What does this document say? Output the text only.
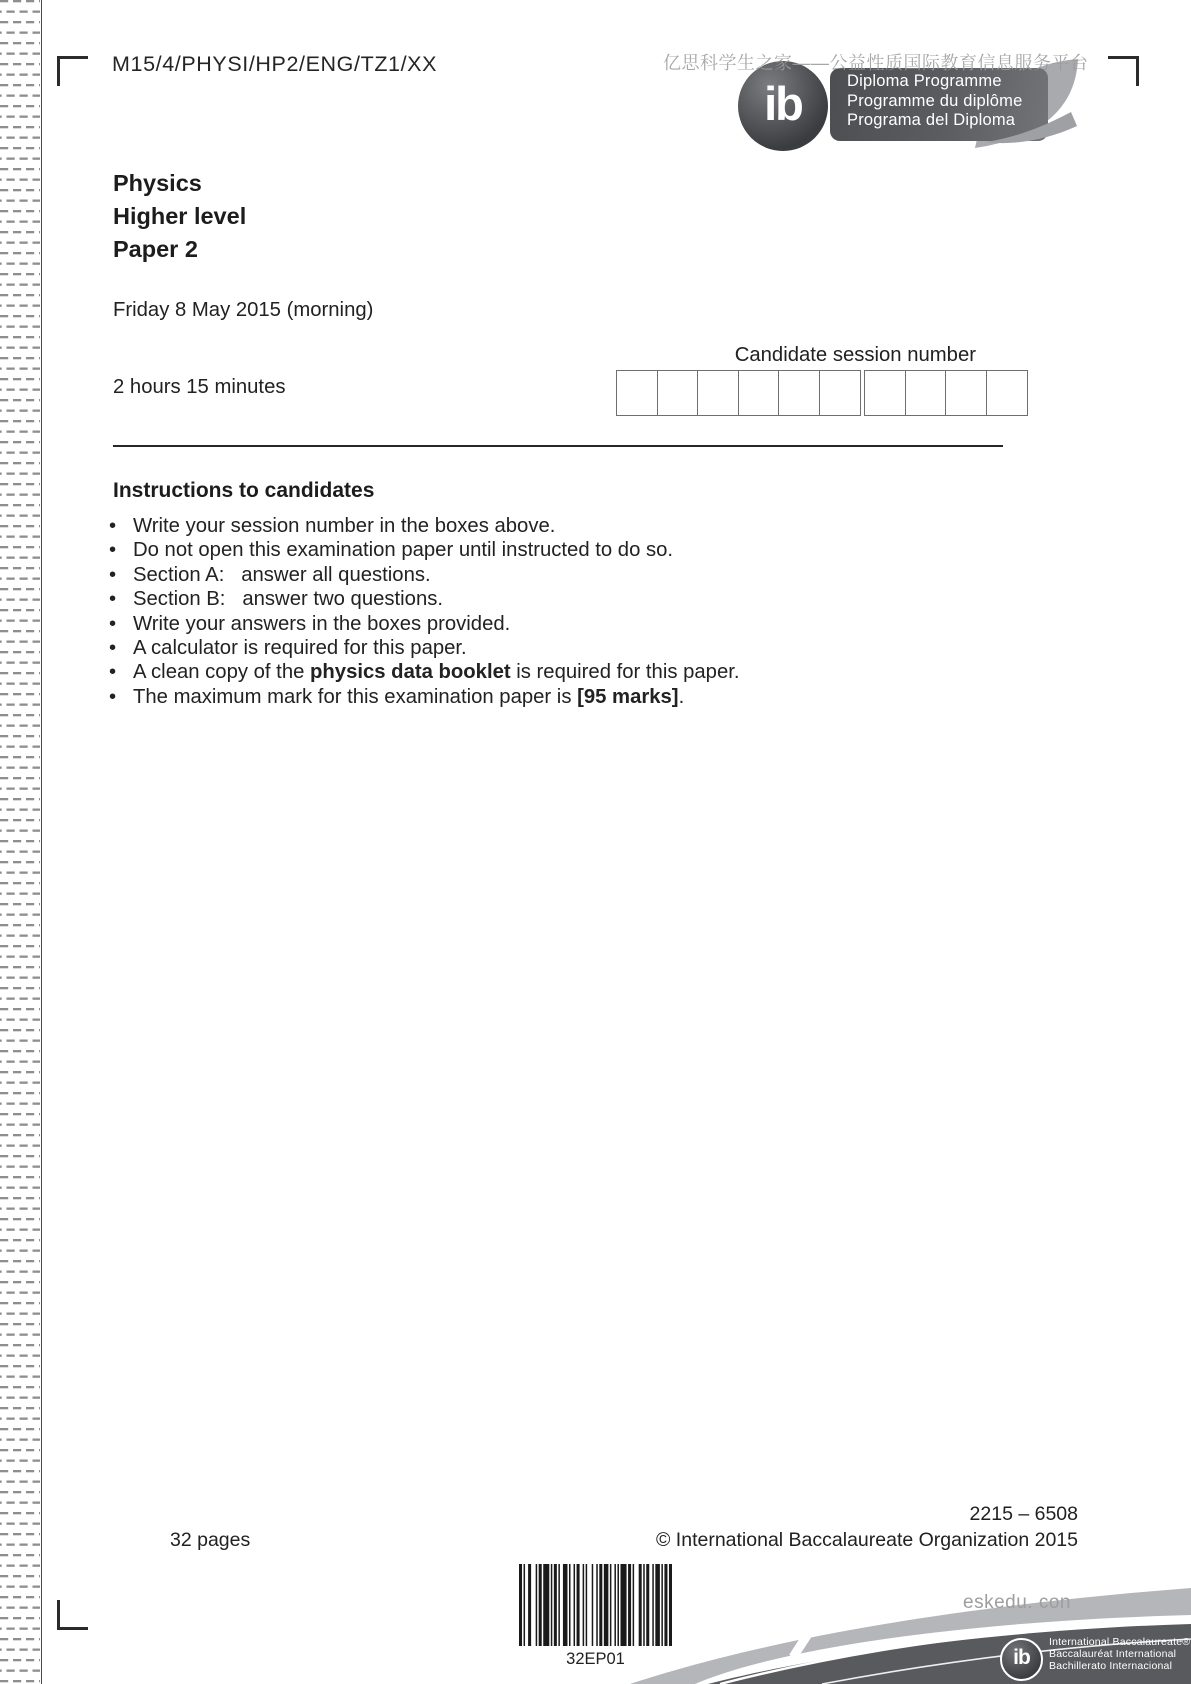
M15/4/PHYSI/HP2/ENG/TZ1/XX	亿思科学生之家——公益性质国际教育信息服务平台
Diploma Programme
Programme du diplôme
Programa del Diploma
ib
Physics
Higher level
Paper 2
Friday 8 May 2015 (morning)
Candidate session number
2 hours 15 minutes
Instructions to candidates
• Write your session number in the boxes above.
• Do not open this examination paper until instructed to do so.
• Section A:   answer all questions.
• Section B:   answer two questions.
• Write your answers in the boxes provided.
• A calculator is required for this paper.
• A clean copy of the physics data booklet is required for this paper.
• The maximum mark for this examination paper is [95 marks].
2215 – 6508
32 pages	© International Baccalaureate Organization 2015
32EP01
eskedu. con
ib
International Baccalaureate®
Baccalauréat International
Bachillerato Internacional
